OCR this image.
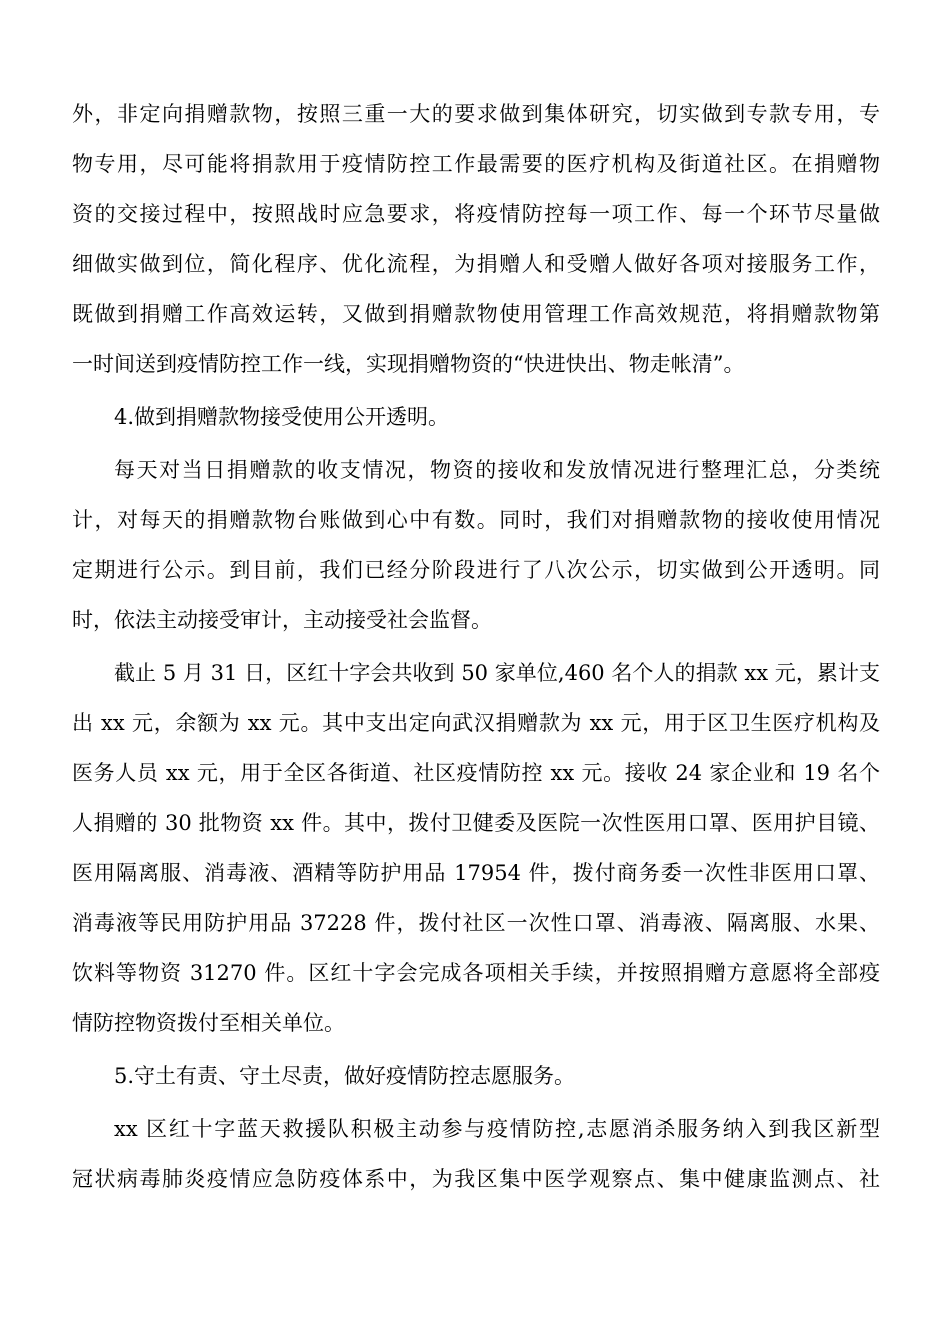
外，非定向捐赠款物，按照三重一大的要求做到集体研究，切实做到专款专用，专
物专用，尽可能将捐款用于疫情防控工作最需要的医疗机构及街道社区。在捐赠物
资的交接过程中，按照战时应急要求，将疫情防控每一项工作、每一个环节尽量做
细做实做到位，简化程序、优化流程，为捐赠人和受赠人做好各项对接服务工作，
既做到捐赠工作高效运转，又做到捐赠款物使用管理工作高效规范，将捐赠款物第
一时间送到疫情防控工作一线，实现捐赠物资的“快进快出、物走帐清”。
4.做到捐赠款物接受使用公开透明。
每天对当日捐赠款的收支情况，物资的接收和发放情况进行整理汇总，分类统
计，对每天的捐赠款物台账做到心中有数。同时，我们对捐赠款物的接收使用情况
定期进行公示。到目前，我们已经分阶段进行了八次公示，切实做到公开透明。同
时，依法主动接受审计，主动接受社会监督。
截止 5 月 31 日，区红十字会共收到 50 家单位,460 名个人的捐款 xx 元，累计支
出 xx 元，余额为 xx 元。其中支出定向武汉捐赠款为 xx 元，用于区卫生医疗机构及
医务人员 xx 元，用于全区各街道、社区疫情防控 xx 元。接收 24 家企业和 19 名个
人捐赠的 30 批物资 xx 件。其中，拨付卫健委及医院一次性医用口罩、医用护目镜、
医用隔离服、消毒液、酒精等防护用品 17954 件，拨付商务委一次性非医用口罩、
消毒液等民用防护用品 37228 件，拨付社区一次性口罩、消毒液、隔离服、水果、
饮料等物资 31270 件。区红十字会完成各项相关手续，并按照捐赠方意愿将全部疫
情防控物资拨付至相关单位。
5.守土有责、守土尽责，做好疫情防控志愿服务。
xx 区红十字蓝天救援队积极主动参与疫情防控,志愿消杀服务纳入到我区新型
冠状病毒肺炎疫情应急防疫体系中，为我区集中医学观察点、集中健康监测点、社
